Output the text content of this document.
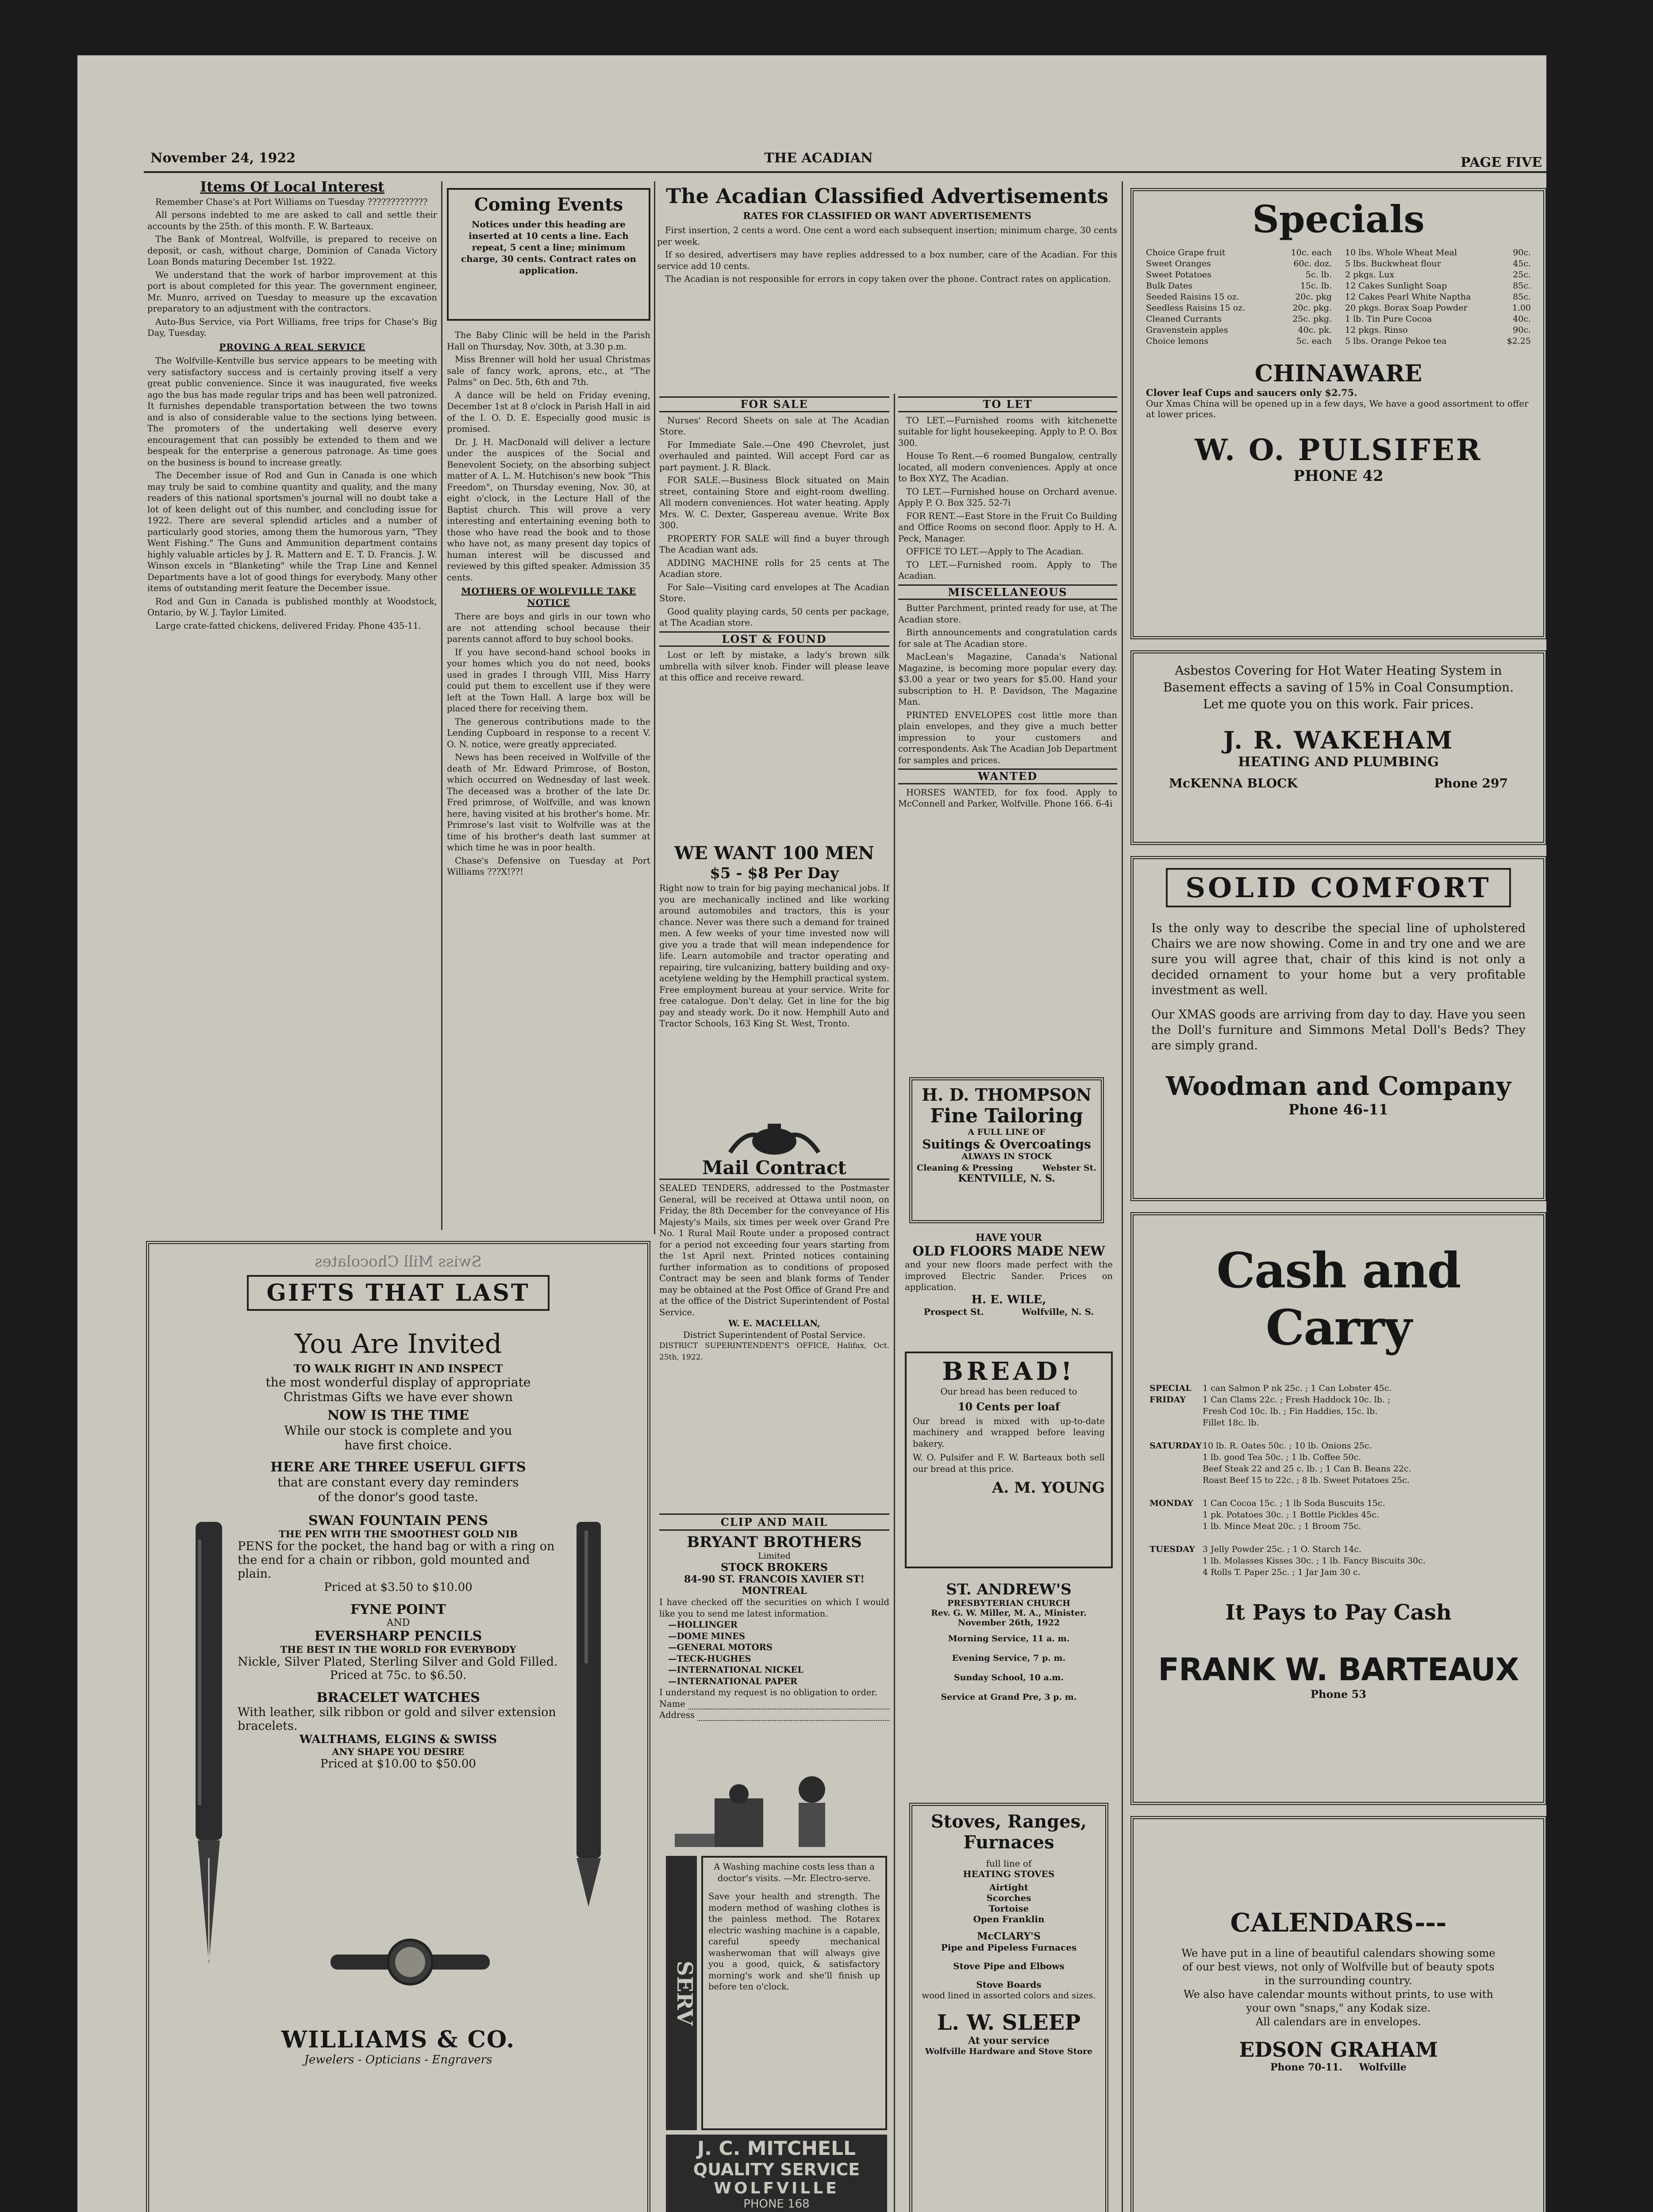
November 24, 1922	THE ACADIAN	PAGE FIVE
Items Of Local Interest

Remember Chase's at Port Williams on Tuesday ?????????????

All persons indebted to me are asked to call and settle their accounts by the 25th. of this month. F. W. Barteaux.

The Bank of Montreal, Wolfville, is prepared to receive on deposit, or cash, without charge, Dominion of Canada Victory Loan Bonds maturing December 1st. 1922.

We understand that the work of harbor improvement at this port is about completed for this year. The government engineer, Mr. Munro, arrived on Tuesday to measure up the excavation preparatory to an adjustment with the contractors.

Auto-Bus Service, via Port Williams, free trips for Chase's Big Day, Tuesday.

PROVING A REAL SERVICE

The Wolfville-Kentville bus service appears to be meeting with very satisfactory success and is certainly proving itself a very great public convenience. Since it was inaugurated, five weeks ago the bus has made regular trips and has been well patronized. It furnishes dependable transportation between the two towns and is also of considerable value to the sections lying between. The promoters of the undertaking well deserve every encouragement that can possibly be extended to them and we bespeak for the enterprise a generous patronage. As time goes on the business is bound to increase greatly.

The December issue of Rod and Gun in Canada is one which may truly be said to combine quantity and quality, and the many readers of this national sportsmen's journal will no doubt take a lot of keen delight out of this number, and concluding issue for 1922. There are several splendid articles and a number of particularly good stories, among them the humorous yarn, "They Went Fishing." The Guns and Ammunition department contains highly valuable articles by J. R. Mattern and E. T. D. Francis. J. W. Winson excels in "Blanketing" while the Trap Line and Kennel Departments have a lot of good things for everybody. Many other items of outstanding merit feature the December issue.

Rod and Gun in Canada is published monthly at Woodstock, Ontario, by W. J. Taylor Limited.

Large crate-fatted chickens, delivered Friday. Phone 435-11.

Coming Events
Notices under this heading are inserted at 10 cents a line. Each repeat, 5 cent a line; minimum charge, 30 cents. Contract rates on application.

The Baby Clinic will be held in the Parish Hall on Thursday, Nov. 30th, at 3.30 p.m.

Miss Brenner will hold her usual Christmas sale of fancy work, aprons, etc., at "The Palms" on Dec. 5th, 6th and 7th.

A dance will be held on Friday evening, December 1st at 8 o'clock in Parish Hall in aid of the I. O. D. E. Especially good music is promised.

Dr. J. H. MacDonald will deliver a lecture under the auspices of the Social and Benevolent Society, on the absorbing subject matter of A. L. M. Hutchison's new book "This Freedom", on Thursday evening, Nov. 30, at eight o'clock, in the Lecture Hall of the Baptist church. This will prove a very interesting and entertaining evening both to those who have read the book and to those who have not, as many present day topics of human interest will be discussed and reviewed by this gifted speaker. Admission 35 cents.

MOTHERS OF WOLFVILLE TAKE NOTICE

There are boys and girls in our town who are not attending school because their parents cannot afford to buy school books.

If you have second-hand school books in your homes which you do not need, books used in grades I through VIII, Miss Harry could put them to excellent use if they were left at the Town Hall. A large box will be placed there for receiving them.

The generous contributions made to the Lending Cupboard in response to a recent V. O. N. notice, were greatly appreciated.

News has been received in Wolfville of the death of Mr. Edward Primrose, of Boston, which occurred on Wednesday of last week. The deceased was a brother of the late Dr. Fred primrose, of Wolfville, and was known here, having visited at his brother's home. Mr. Primrose's last visit to Wolfville was at the time of his brother's death last summer at which time he was in poor health.

Chase's Defensive on Tuesday at Port Williams ???X!??!

The Acadian Classified Advertisements
RATES FOR CLASSIFIED OR WANT ADVERTISEMENTS

First insertion, 2 cents a word. One cent a word each subsequent insertion; minimum charge, 30 cents per week.

If so desired, advertisers may have replies addressed to a box number, care of the Acadian. For this service add 10 cents.

The Acadian is not responsible for errors in copy taken over the phone. Contract rates on application.

FOR SALE

Nurses' Record Sheets on sale at The Acadian Store.

For Immediate Sale.—One 490 Chevrolet, just overhauled and painted. Will accept Ford car as part payment. J. R. Black.

FOR SALE.—Business Block situated on Main street, containing Store and eight-room dwelling. All modern conveniences. Hot water heating. Apply Mrs. W. C. Dexter, Gaspereau avenue. Write Box 300.

PROPERTY FOR SALE will find a buyer through The Acadian want ads.

ADDING MACHINE rolls for 25 cents at The Acadian store.

For Sale—Visiting card envelopes at The Acadian Store.

Good quality playing cards, 50 cents per package, at The Acadian store.

LOST & FOUND

Lost or left by mistake, a lady's brown silk umbrella with silver knob. Finder will please leave at this office and receive reward.

WE WANT 100 MEN
$5 - $8 Per Day
Right now to train for big paying mechanical jobs. If you are mechanically inclined and like working around automobiles and tractors, this is your chance. Never was there such a demand for trained men. A few weeks of your time invested now will give you a trade that will mean independence for life. Learn automobile and tractor operating and repairing, tire vulcanizing, battery building and oxy-acetylene welding by the Hemphill practical system. Free employment bureau at your service. Write for free catalogue. Don't delay. Get in line for the big pay and steady work. Do it now. Hemphill Auto and Tractor Schools, 163 King St. West, Tronto.
Mail Contract
SEALED TENDERS, addressed to the Postmaster General, will be received at Ottawa until noon, on Friday, the 8th December for the conveyance of His Majesty's Mails, six times per week over Grand Pre No. 1 Rural Mail Route under a proposed contract for a period not exceeding four years starting from the 1st April next. Printed notices containing further information as to conditions of proposed Contract may be seen and blank forms of Tender may be obtained at the Post Office of Grand Pre and at the office of the District Superintendent of Postal Service.
W. E. MACLELLAN,
District Superintendent of Postal Service.
DISTRICT SUPERINTENDENT'S OFFICE, Halifax, Oct. 25th, 1922.
CLIP AND MAIL
BRYANT BROTHERS
Limited
STOCK BROKERS
84-90 ST. FRANCOIS XAVIER ST!
MONTREAL
I have checked off the securities on which I would like you to send me latest information.
—HOLLINGER
—DOME MINES
—GENERAL MOTORS
—TECK-HUGHES
—INTERNATIONAL NICKEL
—INTERNATIONAL PAPER
I understand my request is no obligation to order.
Name
Address
SERV
A Washing machine costs less than a doctor's visits. —Mr. Electro-serve.
Save your health and strength. The modern method of washing clothes is the painless method. The Rotarex electric washing machine is a capable, careful speedy mechanical washerwoman that will always give you a good, quick, & satisfactory morning's work and she'll finish up before ten o'clock.
J. C. MITCHELL
QUALITY SERVICE
WOLFVILLE
PHONE 168
TO LET

TO LET.—Furnished rooms with kitchenette suitable for light housekeeping. Apply to P. O. Box 300.

House To Rent.—6 roomed Bungalow, centrally located, all modern conveniences. Apply at once to Box XYZ, The Acadian.

TO LET.—Furnished house on Orchard avenue. Apply P. O. Box 325. 52-7i

FOR RENT.—East Store in the Fruit Co Building and Office Rooms on second floor. Apply to H. A. Peck, Manager.

OFFICE TO LET.—Apply to The Acadian.

TO LET.—Furnished room. Apply to The Acadian.

MISCELLANEOUS

Butter Parchment, printed ready for use, at The Acadian store.

Birth announcements and congratulation cards for sale at The Acadian store.

MacLean's Magazine, Canada's National Magazine, is becoming more popular every day. $3.00 a year or two years for $5.00. Hand your subscription to H. P. Davidson, The Magazine Man.

PRINTED ENVELOPES cost little more than plain envelopes, and they give a much better impression to your customers and correspondents. Ask The Acadian Job Department for samples and prices.

WANTED

HORSES WANTED, for fox food. Apply to McConnell and Parker, Wolfville. Phone 166. 6-4i

H. D. THOMPSON
Fine Tailoring
A FULL LINE OF
Suitings & Overcoatings
ALWAYS IN STOCK
Cleaning & Pressing	Webster St.
KENTVILLE, N. S.
HAVE YOUR
OLD FLOORS MADE NEW
and your new floors made perfect with the improved Electric Sander. Prices on application.
H. E. WILE,
Prospect St.	Wolfville, N. S.
BREAD!
Our bread has been reduced to
10 Cents per loaf
Our bread is mixed with up-to-date machinery and wrapped before leaving bakery.
W. O. Pulsifer and F. W. Barteaux both sell our bread at this price.
A. M. YOUNG
ST. ANDREW'S
PRESBYTERIAN CHURCH
Rev. G. W. Miller, M. A., Minister.
November 26th, 1922
Morning Service, 11 a. m.
Evening Service, 7 p. m.
Sunday School, 10 a.m.
Service at Grand Pre, 3 p. m.
Stoves, Ranges,
Furnaces
full line of
HEATING STOVES
Airtight
Scorches
Tortoise
Open Franklin
McCLARY'S
Pipe and Pipeless Furnaces
Stove Pipe and Elbows
Stove Boards
wood lined in assorted colors and sizes.
L. W. SLEEP
At your service
Wolfville Hardware and Stove Store
Swiss Mill Chocolates
GIFTS THAT LAST
You Are Invited
TO WALK RIGHT IN AND INSPECT
the most wonderful display of appropriate Christmas Gifts we have ever shown
NOW IS THE TIME
While our stock is complete and you have first choice.
HERE ARE THREE USEFUL GIFTS
that are constant every day reminders of the donor's good taste.
SWAN FOUNTAIN PENS
THE PEN WITH THE SMOOTHEST GOLD NIB
PENS for the pocket, the hand bag or with a ring on the end for a chain or ribbon, gold mounted and plain.
Priced at $3.50 to $10.00
FYNE POINT
AND
EVERSHARP PENCILS
THE BEST IN THE WORLD FOR EVERYBODY
Nickle, Silver Plated, Sterling Silver and Gold Filled.
Priced at 75c. to $6.50.
BRACELET WATCHES
With leather, silk ribbon or gold and silver extension bracelets.
WALTHAMS, ELGINS & SWISS
ANY SHAPE YOU DESIRE
Priced at $10.00 to $50.00
WILLIAMS & CO.
Jewelers - Opticians - Engravers
Specials
Choice Grape fruit	10c. each
Sweet Oranges	60c. doz.
Sweet Potatoes	5c. lb.
Bulk Dates	15c. lb.
Seeded Raisins 15 oz.	20c. pkg
Seedless Raisins 15 oz.	20c. pkg.
Cleaned Currants	25c. pkg.
Gravenstein apples	40c. pk.
Choice lemons	5c. each
10 lbs. Whole Wheat Meal	90c.
5 lbs. Buckwheat flour	45c.
2 pkgs. Lux	25c.
12 Cakes Sunlight Soap	85c.
12 Cakes Pearl White Naptha	85c.
20 pkgs. Borax Soap Powder	1.00
1 lb. Tin Pure Cocoa	40c.
12 pkgs. Rinso	90c.
5 lbs. Orange Pekoe tea	$2.25
CHINAWARE
Clover leaf Cups and saucers only $2.75.
Our Xmas China will be opened up in a few days, We have a good assortment to offer at lower prices.
W. O. PULSIFER
PHONE 42
Asbestos Covering for Hot Water Heating System in Basement effects a saving of 15% in Coal Consumption. Let me quote you on this work. Fair prices.
J. R. WAKEHAM
HEATING AND PLUMBING
McKENNA BLOCK	Phone 297
SOLID COMFORT
Is the only way to describe the special line of upholstered Chairs we are now showing. Come in and try one and we are sure you will agree that, chair of this kind is not only a decided ornament to your home but a very profitable investment as well.
Our XMAS goods are arriving from day to day. Have you seen the Doll's furniture and Simmons Metal Doll's Beds? They are simply grand.
Woodman and Company
Phone 46-11
Cash and Carry
SPECIAL	1 can Salmon P nk 25c. ; 1 Can Lobster 45c.
FRIDAY	1 Can Clams 22c. ; Fresh Haddock 10c. lb. ;
Fresh Cod 10c. lb. ; Fin Haddies, 15c. lb.
Fillet 18c. lb.
SATURDAY 10 lb. R. Oates 50c. ; 10 lb. Onions 25c.
1 lb. good Tea 50c. ; 1 lb. Coffee 50c.
Beef Steak 22 and 25 c. lb. ; 1 Can B. Beans 22c.
Roast Beef 15 to 22c. ; 8 lb. Sweet Potatoes 25c.
MONDAY	1 Can Cocoa 15c. ; 1 lb Soda Buscuits 15c.
1 pk. Potatoes 30c. ; 1 Bottle Pickles 45c.
1 lb. Mince Meat 20c. ; 1 Broom 75c.
TUESDAY 3 Jelly Powder 25c. ; 1 O. Starch 14c.
1 lb. Molasses Kisses 30c. ; 1 lb. Fancy Biscuits 30c.
4 Rolls T. Paper 25c. ; 1 Jar Jam 30 c.
It Pays to Pay Cash
FRANK W. BARTEAUX
Phone 53
CALENDARS---
We have put in a line of beautiful calendars showing some of our best views, not only of Wolfville but of beauty spots in the surrounding country.
We also have calendar mounts without prints, to use with your own "snaps," any Kodak size.
All calendars are in envelopes.
EDSON GRAHAM
Phone 70-11. Wolfville
